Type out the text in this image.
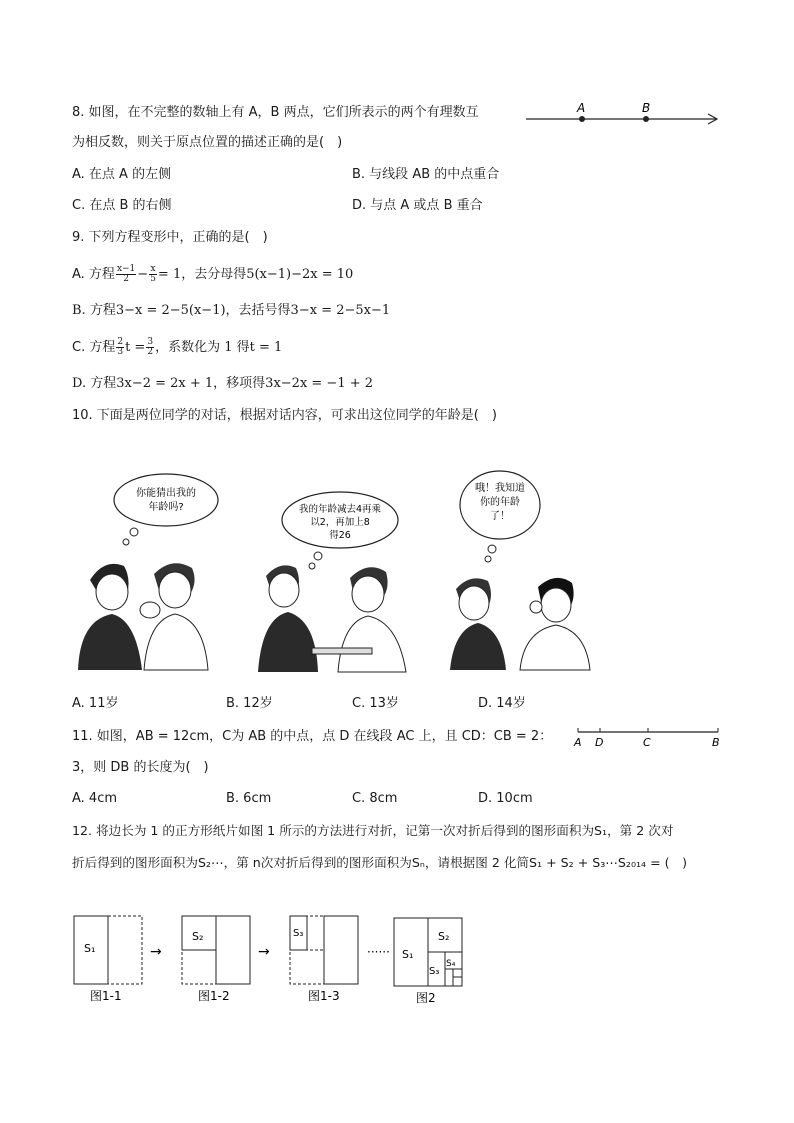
8. 如图，在不完整的数轴上有 A，B 两点，它们所表示的两个有理数互
为相反数，则关于原点位置的描述正确的是(　)
A	B
A. 在点 A 的左侧	B. 与线段 AB 的中点重合
C. 在点 B 的右侧	D. 与点 A 或点 B 重合
9. 下列方程变形中，正确的是(　)
A. 方程 $\frac{x-1}{2} - \frac{x}{5} = 1$，去分母得5(x−1)−2x = 10
B. 方程3−x = 2−5(x−1)，去括号得3−x = 2−5x−1
C. 方程 $\frac{2}{3}$ $t = \frac{3}{2}$ ，系数化为 1 得t = 1
D. 方程3x−2 = 2x + 1，移项得3x−2x = −1 + 2
10. 下面是两位同学的对话，根据对话内容，可求出这位同学的年龄是(　)
你能猜出我的
年龄吗?	我的年龄减去4再乘
以2，再加上8
得26
哦！我知道
你的年龄
了！
A. 11岁	B. 12岁	C. 13岁	D. 14岁
11. 如图，AB = 12cm，C为 AB 的中点，点 D 在线段 AC 上，且 CD：CB = 2：
3，则 DB 的长度为(　)
A D	C	B
A. 4cm	B. 6cm	C. 8cm	D. 10cm
12. 将边长为 1 的正方形纸片如图 1 所示的方法进行对折，记第一次对折后得到的图形面积为S₁，第 2 次对
折后得到的图形面积为S₂⋯，第 n次对折后得到的图形面积为Sₙ，请根据图 2 化简S₁ + S₂ + S₃⋯S₂₀₁₄ = (　)
S₁	→
图1-1
S₂
→
图1-2
S₃
······
图1-3
S₁
S₂
S₃
S₄
图2
